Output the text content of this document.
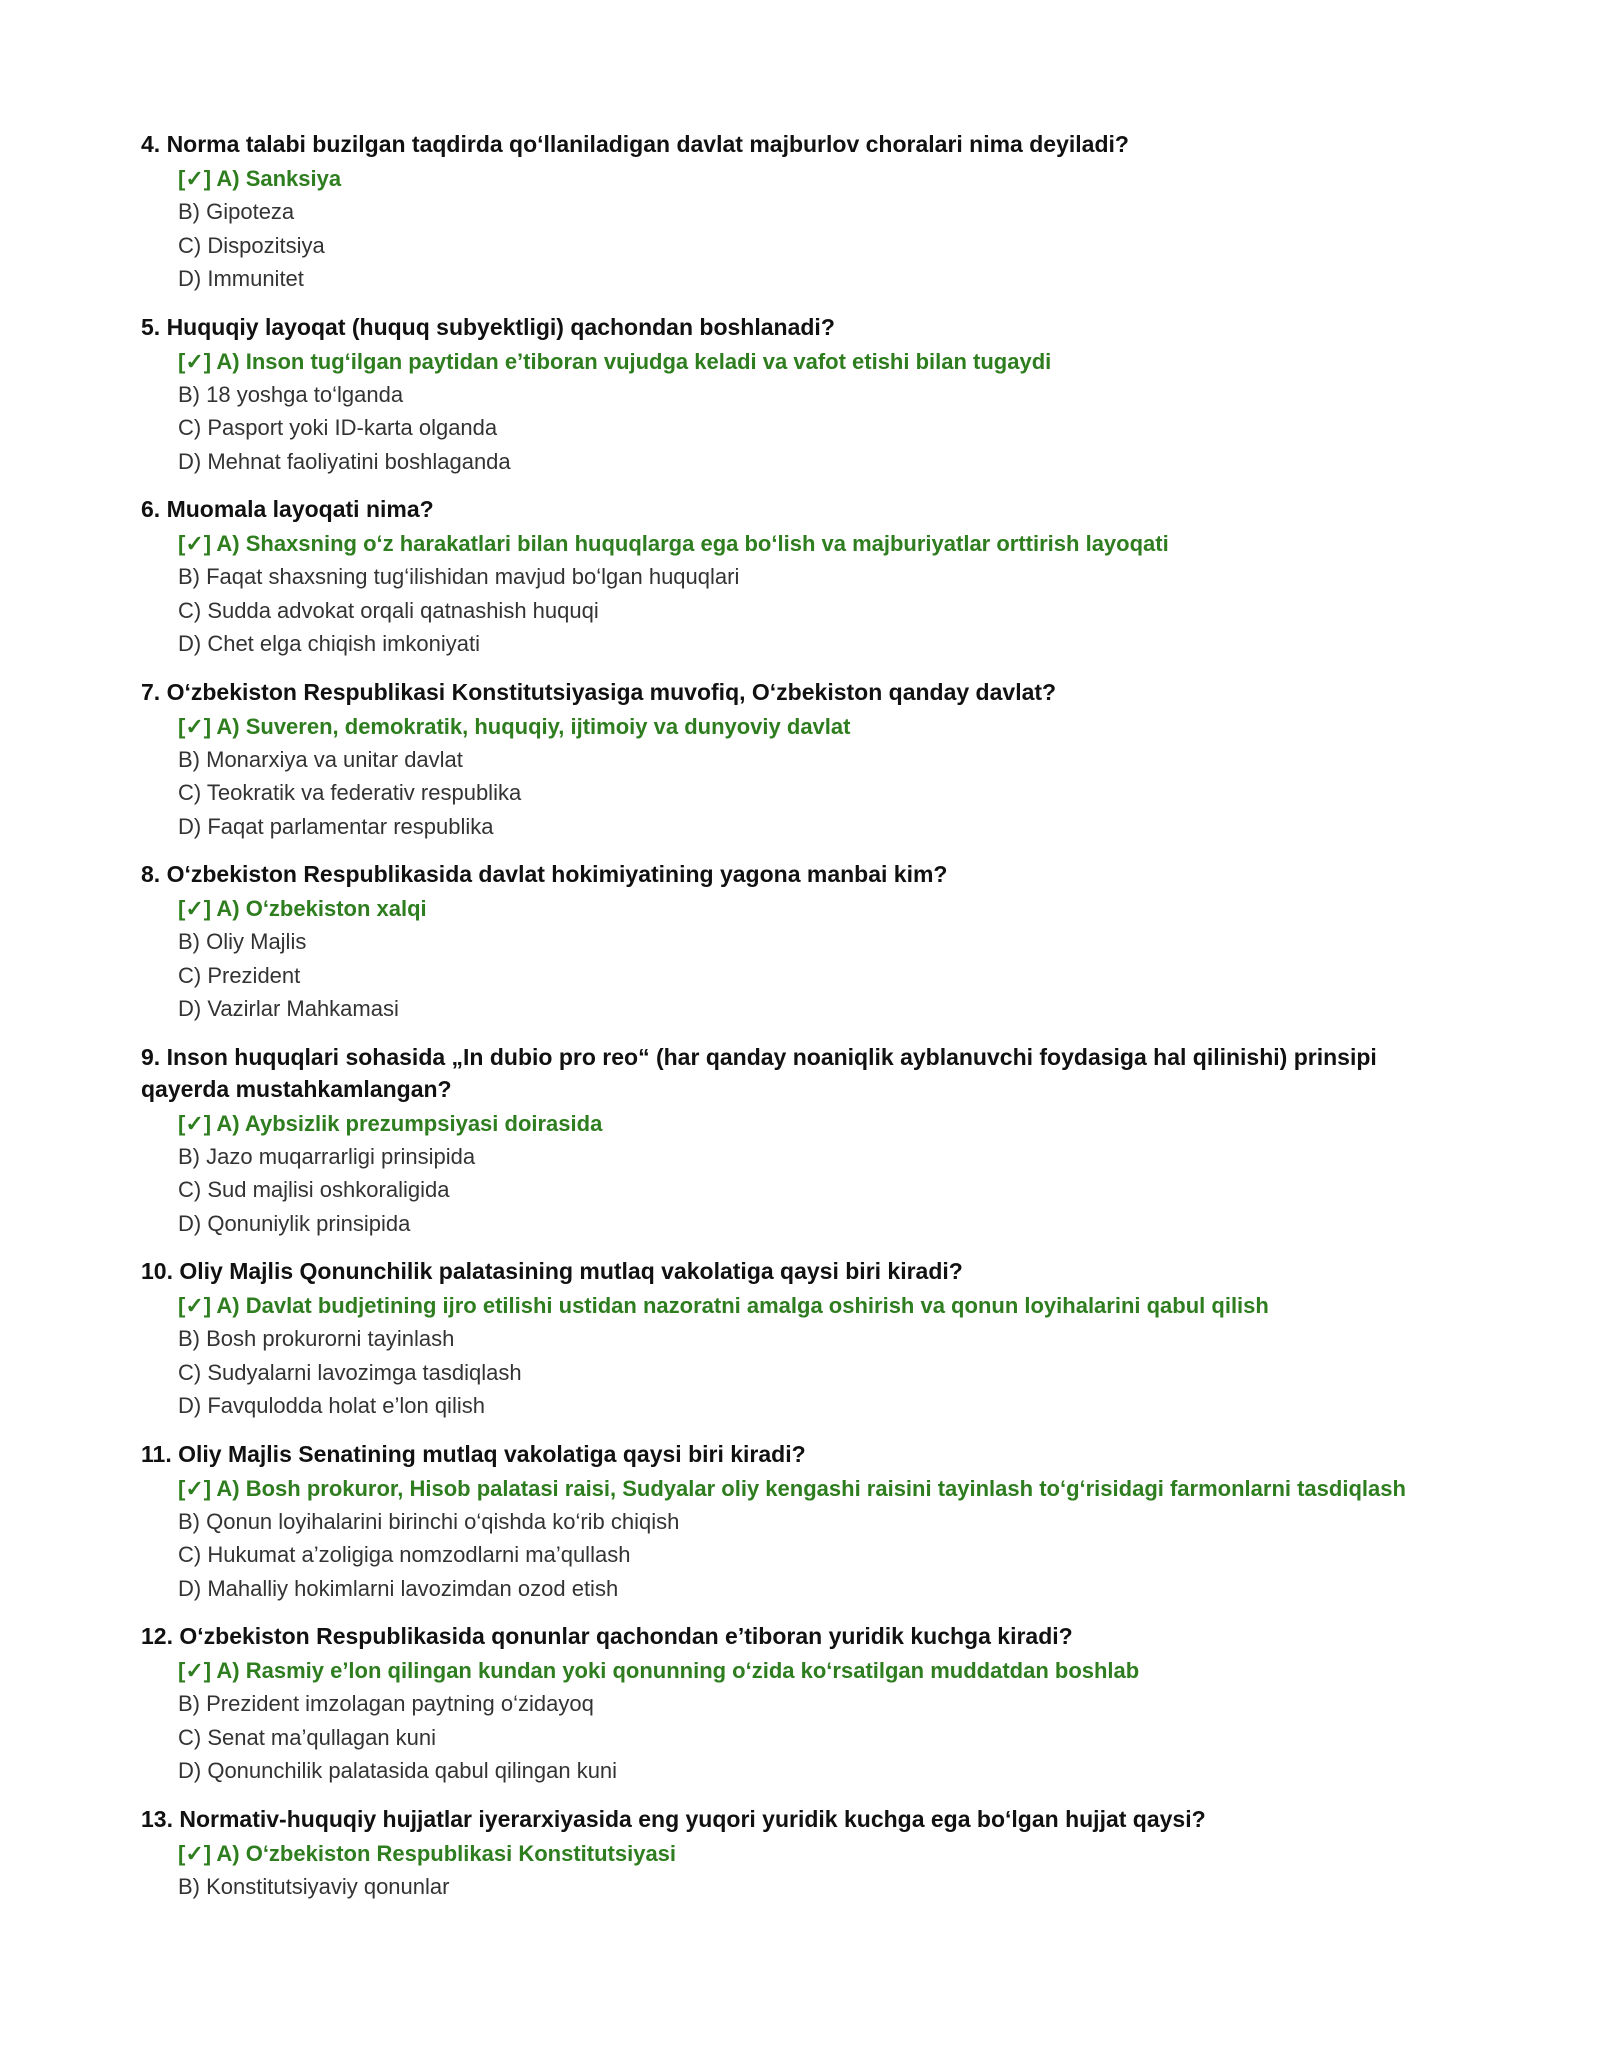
4. Norma talabi buzilgan taqdirda qo‘llaniladigan davlat majburlov choralari nima deyiladi?
[✓] A) Sanksiya
B) Gipoteza
C) Dispozitsiya
D) Immunitet
5. Huquqiy layoqat (huquq subyektligi) qachondan boshlanadi?
[✓] A) Inson tug‘ilgan paytidan e’tiboran vujudga keladi va vafot etishi bilan tugaydi
B) 18 yoshga to‘lganda
C) Pasport yoki ID-karta olganda
D) Mehnat faoliyatini boshlaganda
6. Muomala layoqati nima?
[✓] A) Shaxsning o‘z harakatlari bilan huquqlarga ega bo‘lish va majburiyatlar orttirish layoqati
B) Faqat shaxsning tug‘ilishidan mavjud bo‘lgan huquqlari
C) Sudda advokat orqali qatnashish huquqi
D) Chet elga chiqish imkoniyati
7. O‘zbekiston Respublikasi Konstitutsiyasiga muvofiq, O‘zbekiston qanday davlat?
[✓] A) Suveren, demokratik, huquqiy, ijtimoiy va dunyoviy davlat
B) Monarxiya va unitar davlat
C) Teokratik va federativ respublika
D) Faqat parlamentar respublika
8. O‘zbekiston Respublikasida davlat hokimiyatining yagona manbai kim?
[✓] A) O‘zbekiston xalqi
B) Oliy Majlis
C) Prezident
D) Vazirlar Mahkamasi
9. Inson huquqlari sohasida „In dubio pro reo“ (har qanday noaniqlik ayblanuvchi foydasiga hal qilinishi) prinsipi qayerda mustahkamlangan?
[✓] A) Aybsizlik prezumpsiyasi doirasida
B) Jazo muqarrarligi prinsipida
C) Sud majlisi oshkoraligida
D) Qonuniylik prinsipida
10. Oliy Majlis Qonunchilik palatasining mutlaq vakolatiga qaysi biri kiradi?
[✓] A) Davlat budjetining ijro etilishi ustidan nazoratni amalga oshirish va qonun loyihalarini qabul qilish
B) Bosh prokurorni tayinlash
C) Sudyalarni lavozimga tasdiqlash
D) Favqulodda holat e’lon qilish
11. Oliy Majlis Senatining mutlaq vakolatiga qaysi biri kiradi?
[✓] A) Bosh prokuror, Hisob palatasi raisi, Sudyalar oliy kengashi raisini tayinlash to‘g‘risidagi farmonlarni tasdiqlash
B) Qonun loyihalarini birinchi o‘qishda ko‘rib chiqish
C) Hukumat a’zoligiga nomzodlarni ma’qullash
D) Mahalliy hokimlarni lavozimdan ozod etish
12. O‘zbekiston Respublikasida qonunlar qachondan e’tiboran yuridik kuchga kiradi?
[✓] A) Rasmiy e’lon qilingan kundan yoki qonunning o‘zida ko‘rsatilgan muddatdan boshlab
B) Prezident imzolagan paytning o‘zidayoq
C) Senat ma’qullagan kuni
D) Qonunchilik palatasida qabul qilingan kuni
13. Normativ-huquqiy hujjatlar iyerarxiyasida eng yuqori yuridik kuchga ega bo‘lgan hujjat qaysi?
[✓] A) O‘zbekiston Respublikasi Konstitutsiyasi
B) Konstitutsiyaviy qonunlar
